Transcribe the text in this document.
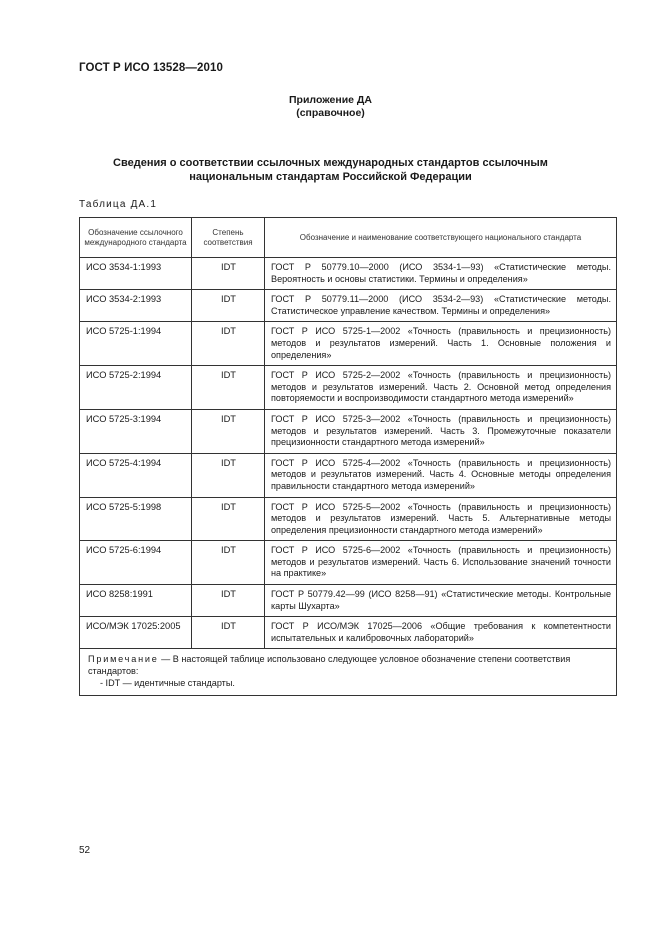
ГОСТ Р ИСО 13528—2010
Приложение ДА
(справочное)
Сведения о соответствии ссылочных международных стандартов ссылочным национальным стандартам Российской Федерации
Таблица ДА.1
Обозначение ссылочного международного стандарта	Степень соответствия	Обозначение и наименование соответствующего национального стандарта
ИСО 3534-1:1993	IDT	ГОСТ Р 50779.10—2000 (ИСО 3534-1—93) «Статистические методы. Вероятность и основы статистики. Термины и определения»
ИСО 3534-2:1993	IDT	ГОСТ Р 50779.11—2000 (ИСО 3534-2—93) «Статистические методы. Статистическое управление качеством. Термины и определения»
ИСО 5725-1:1994	IDT	ГОСТ Р ИСО 5725-1—2002 «Точность (правильность и прецизионность) методов и результатов измерений. Часть 1. Основные положения и определения»
ИСО 5725-2:1994	IDT	ГОСТ Р ИСО 5725-2—2002 «Точность (правильность и прецизионность) методов и результатов измерений. Часть 2. Основной метод определения повторяемости и воспроизводимости стандартного метода измерений»
ИСО 5725-3:1994	IDT	ГОСТ Р ИСО 5725-3—2002 «Точность (правильность и прецизионность) методов и результатов измерений. Часть 3. Промежуточные показатели прецизионности стандартного метода измерений»
ИСО 5725-4:1994	IDT	ГОСТ Р ИСО 5725-4—2002 «Точность (правильность и прецизионность) методов и результатов измерений. Часть 4. Основные методы определения правильности стандартного метода измерений»
ИСО 5725-5:1998	IDT	ГОСТ Р ИСО 5725-5—2002 «Точность (правильность и прецизионность) методов и результатов измерений. Часть 5. Альтернативные методы определения прецизионности стандартного метода измерений»
ИСО 5725-6:1994	IDT	ГОСТ Р ИСО 5725-6—2002 «Точность (правильность и прецизионность) методов и результатов измерений. Часть 6. Использование значений точности на практике»
ИСО 8258:1991	IDT	ГОСТ Р 50779.42—99 (ИСО 8258—91) «Статистические методы. Контрольные карты Шухарта»
ИСО/МЭК 17025:2005	IDT	ГОСТ Р ИСО/МЭК 17025—2006 «Общие требования к компетентности испытательных и калибровочных лабораторий»
Примечание — В настоящей таблице использовано следующее условное обозначение степени соответствия стандартов:
- IDT — идентичные стандарты.		
52
